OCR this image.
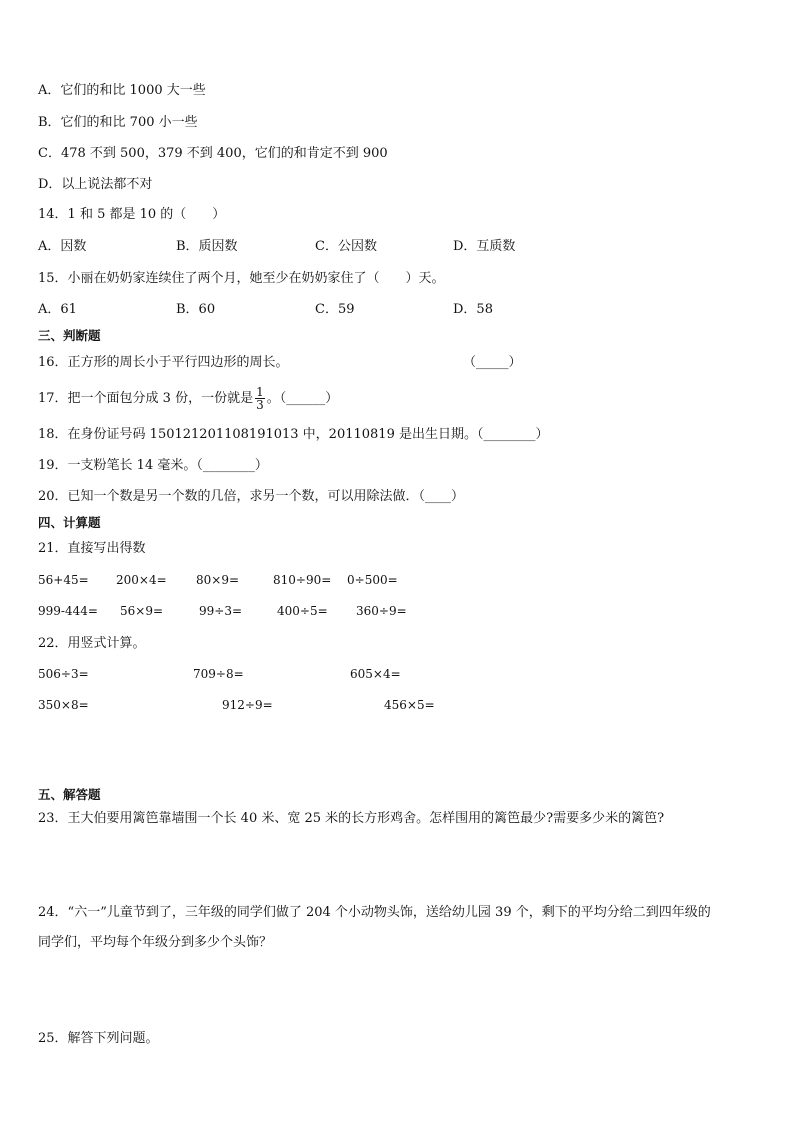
A．它们的和比 1000 大一些
B．它们的和比 700 小一些
C．478 不到 500，379 不到 400，它们的和肯定不到 900
D．以上说法都不对
14．1 和 5 都是 10 的（　　）
A．因数	B．质因数	C．公因数	D．互质数
15．小丽在奶奶家连续住了两个月，她至少在奶奶家住了（　　）天。
A．61	B．60	C．59	D．58
三、判断题
16．正方形的周长小于平行四边形的周长。	（_____）
17．把一个面包分成 3 份，一份就是 $\frac{1}{3}$ 。（______）
18．在身份证号码 150121201108191013 中，20110819 是出生日期。（________）
19．一支粉笔长 14 毫米。（________）
20．已知一个数是另一个数的几倍，求另一个数，可以用除法做．（____）
四、计算题
21．直接写出得数
56+45= 200×4= 80×9=	810÷90= 0÷500=
999-444= 56×9=	99÷3=	400÷5= 360÷9=
22．用竖式计算。
506÷3=	709÷8=	605×4=
350×8=	912÷9=	456×5=
五、解答题
23．王大伯要用篱笆靠墙围一个长 40 米、宽 25 米的长方形鸡舍。怎样围用的篱笆最少?需要多少米的篱笆?
24．“六一”儿童节到了，三年级的同学们做了 204 个小动物头饰，送给幼儿园 39 个，剩下的平均分给二到四年级的
同学们，平均每个年级分到多少个头饰？
25．解答下列问题。
